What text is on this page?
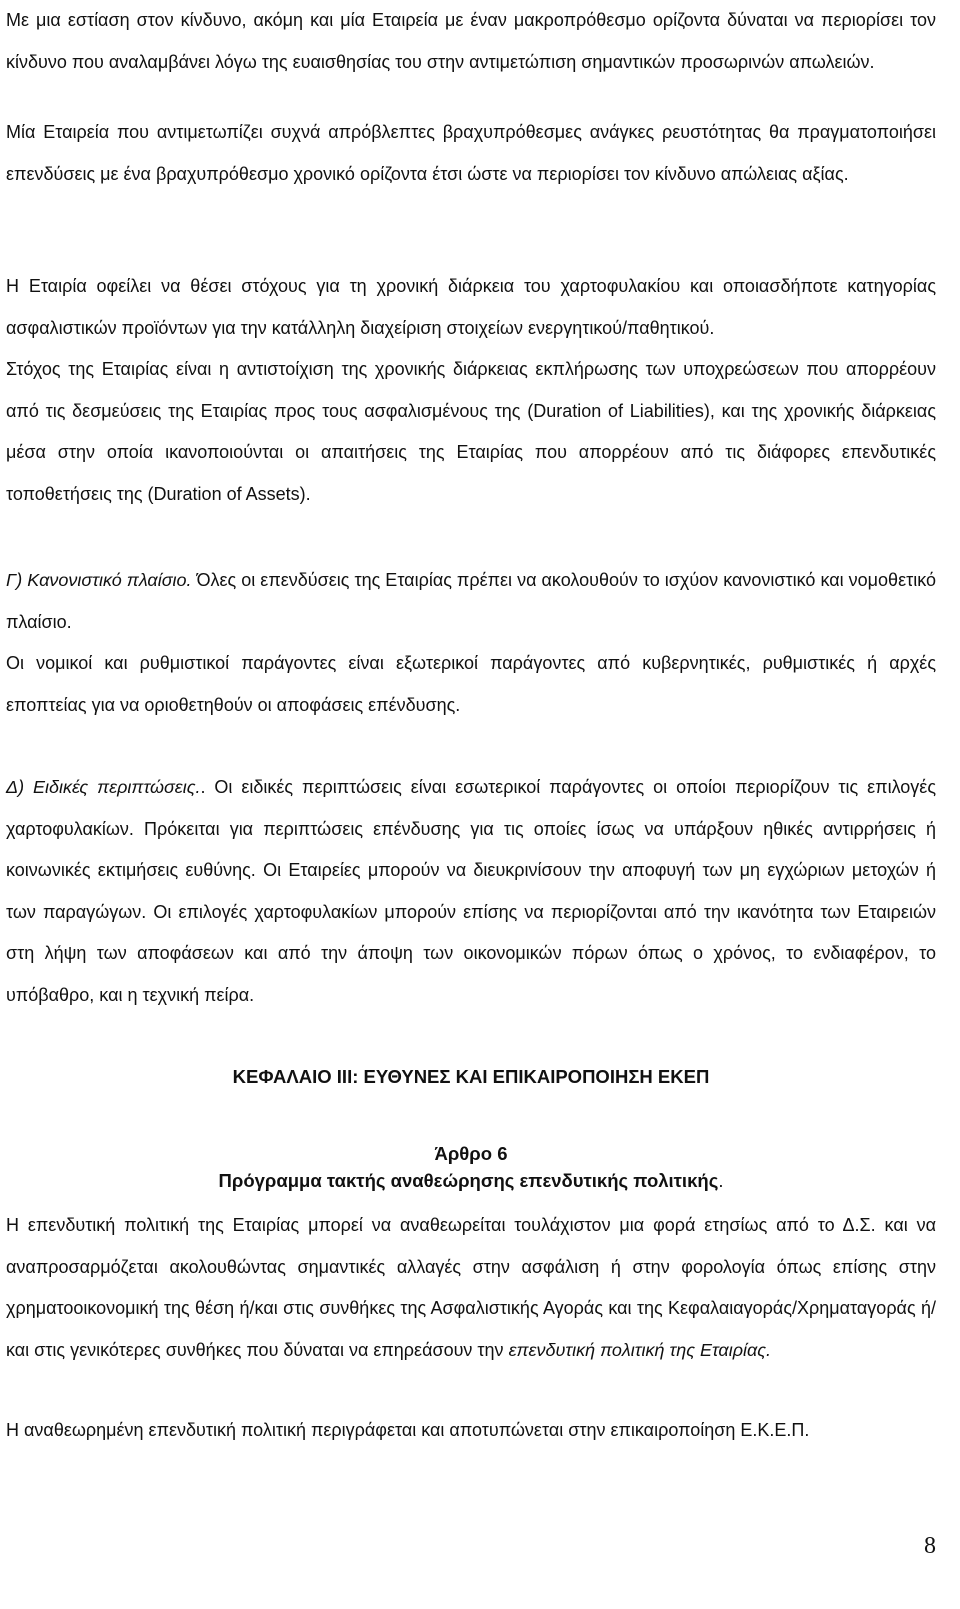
Με μια εστίαση στον κίνδυνο, ακόμη και μία Εταιρεία με έναν μακροπρόθεσμο ορίζοντα δύναται να περιορίσει τον κίνδυνο που αναλαμβάνει λόγω της ευαισθησίας του στην αντιμετώπιση σημαντικών προσωρινών απωλειών.

Μία Εταιρεία που αντιμετωπίζει συχνά απρόβλεπτες βραχυπρόθεσμες ανάγκες ρευστότητας θα πραγματοποιήσει επενδύσεις με ένα βραχυπρόθεσμο χρονικό ορίζοντα έτσι ώστε να περιορίσει τον κίνδυνο απώλειας αξίας.

Η Εταιρία οφείλει να θέσει στόχους για τη χρονική διάρκεια του χαρτοφυλακίου και οποιασδήποτε κατηγορίας ασφαλιστικών προϊόντων για την κατάλληλη διαχείριση στοιχείων ενεργητικού/παθητικού.

Στόχος της Εταιρίας είναι η αντιστοίχιση της χρονικής διάρκειας εκπλήρωσης των υποχρεώσεων που απορρέουν από τις δεσμεύσεις της Εταιρίας προς τους ασφαλισμένους της (Duration of Liabilities), και της χρονικής διάρκειας μέσα στην οποία ικανοποιούνται οι απαιτήσεις της Εταιρίας που απορρέουν από τις διάφορες επενδυτικές τοποθετήσεις της (Duration of Assets).

Γ) Κανονιστικό πλαίσιο. Όλες οι επενδύσεις της Εταιρίας πρέπει να ακολουθούν το ισχύον κανονιστικό και νομοθετικό πλαίσιο.

Οι νομικοί και ρυθμιστικοί παράγοντες είναι εξωτερικοί παράγοντες από κυβερνητικές, ρυθμιστικές ή αρχές εποπτείας για να οριοθετηθούν οι αποφάσεις επένδυσης.

Δ) Ειδικές περιπτώσεις.. Οι ειδικές περιπτώσεις είναι εσωτερικοί παράγοντες οι οποίοι περιορίζουν τις επιλογές χαρτοφυλακίων. Πρόκειται για περιπτώσεις επένδυσης για τις οποίες ίσως να υπάρξουν ηθικές αντιρρήσεις ή κοινωνικές εκτιμήσεις ευθύνης. Οι Εταιρείες μπορούν να διευκρινίσουν την αποφυγή των μη εγχώριων μετοχών ή των παραγώγων. Οι επιλογές χαρτοφυλακίων μπορούν επίσης να περιορίζονται από την ικανότητα των Εταιρειών στη λήψη των αποφάσεων και από την άποψη των οικονομικών πόρων όπως ο χρόνος, το ενδιαφέρον, το υπόβαθρο, και η τεχνική πείρα.

ΚΕΦΑΛΑΙΟ ΙΙΙ: ΕΥΘΥΝΕΣ ΚΑΙ ΕΠΙΚΑΙΡΟΠΟΙΗΣΗ ΕΚΕΠ

Άρθρο 6

Πρόγραμμα τακτής αναθεώρησης επενδυτικής πολιτικής.

Η επενδυτική πολιτική της Εταιρίας μπορεί να αναθεωρείται τουλάχιστον μια φορά ετησίως από το Δ.Σ. και να αναπροσαρμόζεται ακολουθώντας σημαντικές αλλαγές στην ασφάλιση ή στην φορολογία όπως επίσης στην χρηματοοικονομική της θέση ή/και στις συνθήκες της Ασφαλιστικής Αγοράς και της Κεφαλαιαγοράς/Χρηματαγοράς ή/και στις γενικότερες συνθήκες που δύναται να επηρεάσουν την επενδυτική πολιτική της Εταιρίας.

Η αναθεωρημένη επενδυτική πολιτική περιγράφεται και αποτυπώνεται στην επικαιροποίηση Ε.Κ.Ε.Π.

8
